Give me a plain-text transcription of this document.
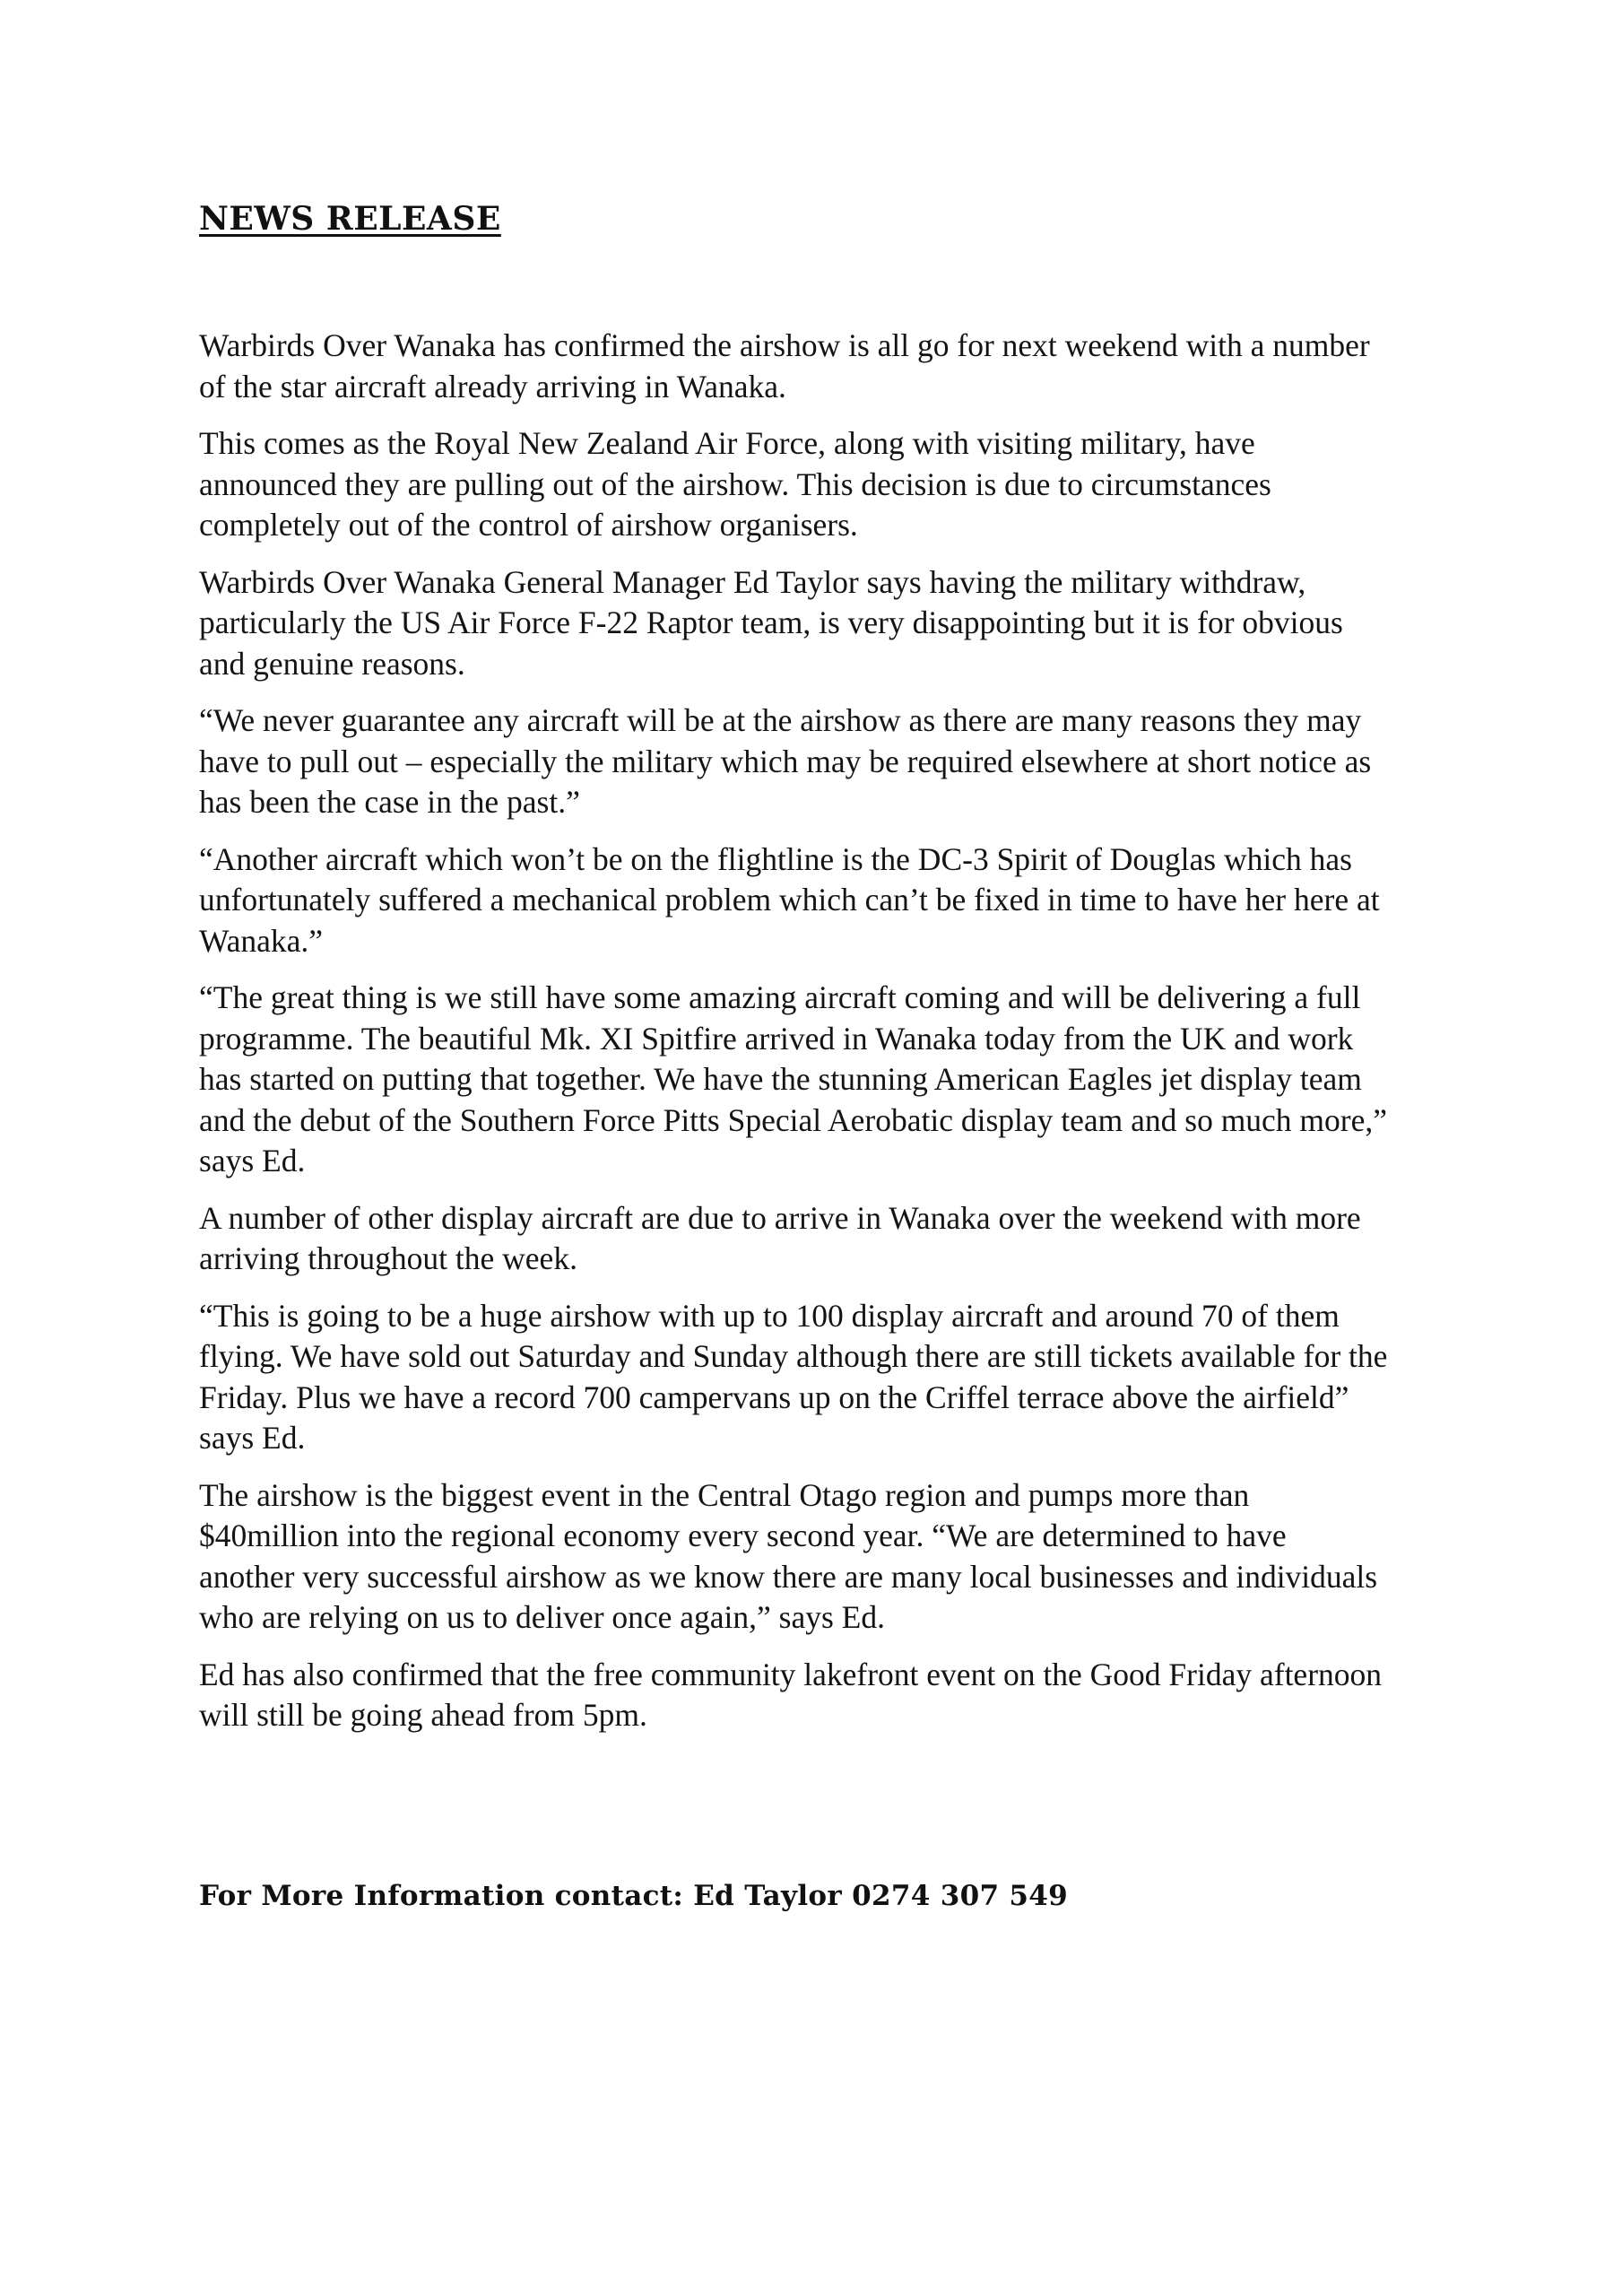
NEWS RELEASE

Warbirds Over Wanaka has confirmed the airshow is all go for next weekend with a number
of the star aircraft already arriving in Wanaka.

This comes as the Royal New Zealand Air Force, along with visiting military, have
announced they are pulling out of the airshow. This decision is due to circumstances
completely out of the control of airshow organisers.

Warbirds Over Wanaka General Manager Ed Taylor says having the military withdraw,
particularly the US Air Force F-22 Raptor team, is very disappointing but it is for obvious
and genuine reasons.

“We never guarantee any aircraft will be at the airshow as there are many reasons they may
have to pull out – especially the military which may be required elsewhere at short notice as
has been the case in the past.”

“Another aircraft which won’t be on the flightline is the DC-3 Spirit of Douglas which has
unfortunately suffered a mechanical problem which can’t be fixed in time to have her here at
Wanaka.”

“The great thing is we still have some amazing aircraft coming and will be delivering a full
programme. The beautiful Mk. XI Spitfire arrived in Wanaka today from the UK and work
has started on putting that together. We have the stunning American Eagles jet display team
and the debut of the Southern Force Pitts Special Aerobatic display team and so much more,”
says Ed.

A number of other display aircraft are due to arrive in Wanaka over the weekend with more
arriving throughout the week.

“This is going to be a huge airshow with up to 100 display aircraft and around 70 of them
flying. We have sold out Saturday and Sunday although there are still tickets available for the
Friday. Plus we have a record 700 campervans up on the Criffel terrace above the airfield”
says Ed.

The airshow is the biggest event in the Central Otago region and pumps more than
$40million into the regional economy every second year. “We are determined to have
another very successful airshow as we know there are many local businesses and individuals
who are relying on us to deliver once again,” says Ed.

Ed has also confirmed that the free community lakefront event on the Good Friday afternoon
will still be going ahead from 5pm.

For More Information contact: Ed Taylor 0274 307 549
